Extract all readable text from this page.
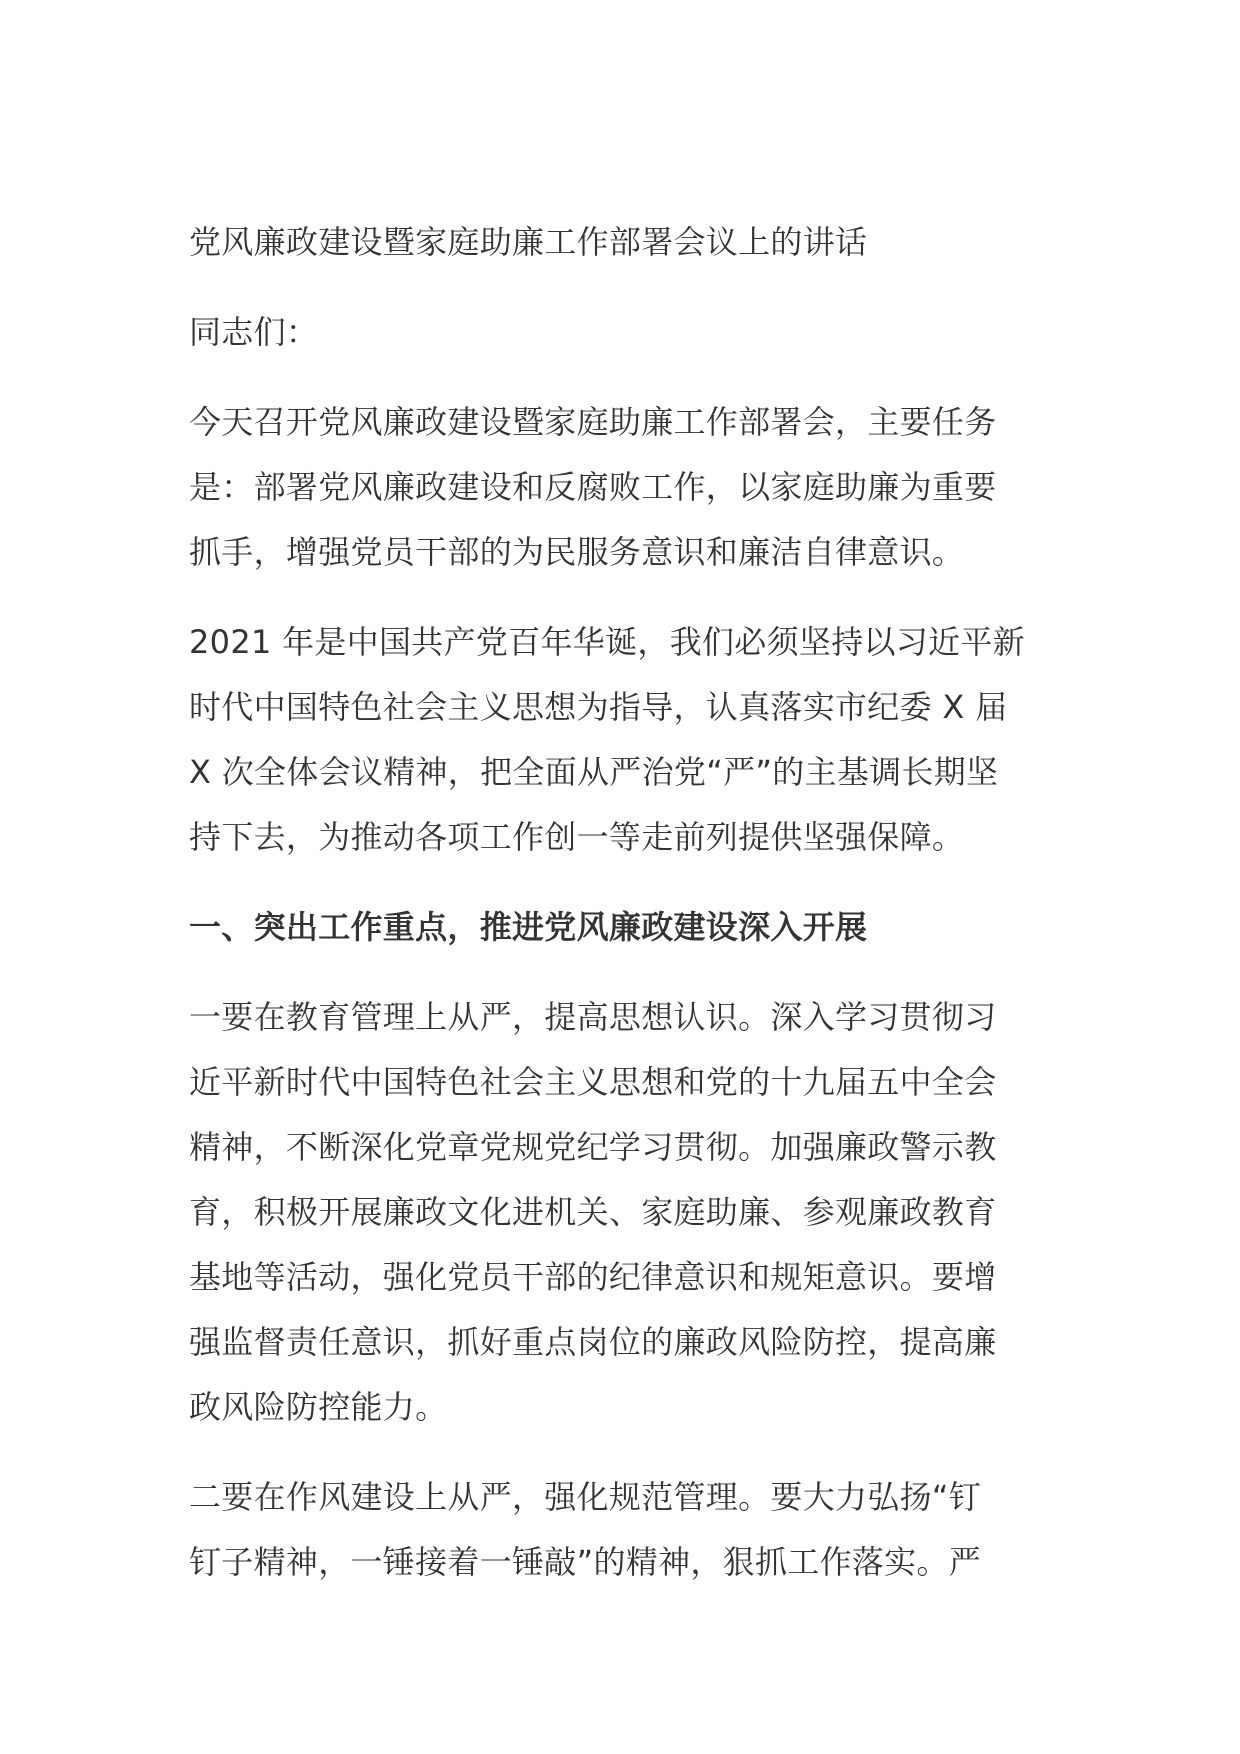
党风廉政建设暨家庭助廉工作部署会议上的讲话
同志们：
今天召开党风廉政建设暨家庭助廉工作部署会，主要任务
是：部署党风廉政建设和反腐败工作，以家庭助廉为重要
抓手，增强党员干部的为民服务意识和廉洁自律意识。
2021 年是中国共产党百年华诞，我们必须坚持以习近平新
时代中国特色社会主义思想为指导，认真落实市纪委 X 届
X 次全体会议精神，把全面从严治党“严”的主基调长期坚
持下去，为推动各项工作创一等走前列提供坚强保障。
一、突出工作重点，推进党风廉政建设深入开展
一要在教育管理上从严，提高思想认识。深入学习贯彻习
近平新时代中国特色社会主义思想和党的十九届五中全会
精神，不断深化党章党规党纪学习贯彻。加强廉政警示教
育，积极开展廉政文化进机关、家庭助廉、参观廉政教育
基地等活动，强化党员干部的纪律意识和规矩意识。要增
强监督责任意识，抓好重点岗位的廉政风险防控，提高廉
政风险防控能力。
二要在作风建设上从严，强化规范管理。要大力弘扬“钉
钉子精神，一锤接着一锤敲”的精神，狠抓工作落实。严
